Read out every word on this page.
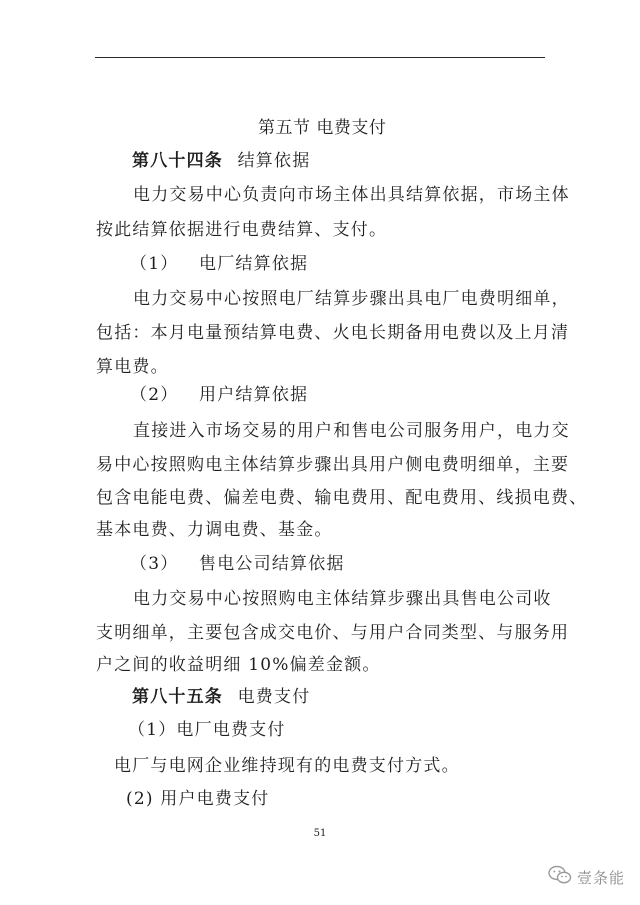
第五节 电费支付
第八十四条 结算依据
电力交易中心负责向市场主体出具结算依据，市场主体
按此结算依据进行电费结算、支付。
（1） 电厂结算依据
电力交易中心按照电厂结算步骤出具电厂电费明细单，
包括：本月电量预结算电费、火电长期备用电费以及上月清
算电费。
（2） 用户结算依据
直接进入市场交易的用户和售电公司服务用户，电力交
易中心按照购电主体结算步骤出具用户侧电费明细单，主要
包含电能电费、偏差电费、输电费用、配电费用、线损电费、
基本电费、力调电费、基金。
（3） 售电公司结算依据
电力交易中心按照购电主体结算步骤出具售电公司收
支明细单，主要包含成交电价、与用户合同类型、与服务用
户之间的收益明细 10%偏差金额。
第八十五条 电费支付
（1）电厂电费支付
电厂与电网企业维持现有的电费支付方式。
(2) 用户电费支付
51
壹条能
